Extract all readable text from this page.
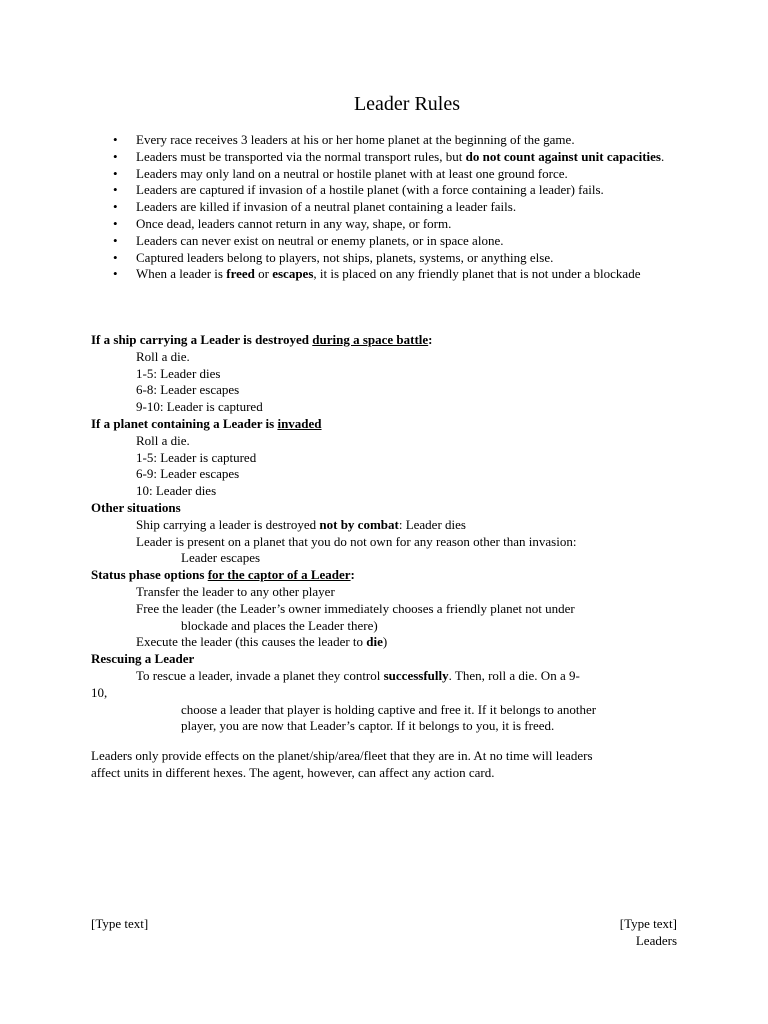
Leader Rules
• Every race receives 3 leaders at his or her home planet at the beginning of the game.
• Leaders must be transported via the normal transport rules, but do not count against unit capacities.
• Leaders may only land on a neutral or hostile planet with at least one ground force.
• Leaders are captured if invasion of a hostile planet (with a force containing a leader) fails.
• Leaders are killed if invasion of a neutral planet containing a leader fails.
• Once dead, leaders cannot return in any way, shape, or form.
• Leaders can never exist on neutral or enemy planets, or in space alone.
• Captured leaders belong to players, not ships, planets, systems, or anything else.
• When a leader is freed or escapes, it is placed on any friendly planet that is not under a blockade
If a ship carrying a Leader is destroyed during a space battle:
Roll a die.
1-5: Leader dies
6-8: Leader escapes
9-10: Leader is captured
If a planet containing a Leader is invaded
Roll a die.
1-5: Leader is captured
6-9: Leader escapes
10: Leader dies
Other situations
Ship carrying a leader is destroyed not by combat: Leader dies
Leader is present on a planet that you do not own for any reason other than invasion:
Leader escapes
Status phase options for the captor of a Leader:
Transfer the leader to any other player
Free the leader (the Leader’s owner immediately chooses a friendly planet not under
blockade and places the Leader there)
Execute the leader (this causes the leader to die)
Rescuing a Leader
To rescue a leader, invade a planet they control successfully. Then, roll a die. On a 9-
10,
choose a leader that player is holding captive and free it. If it belongs to another
player, you are now that Leader’s captor. If it belongs to you, it is freed.
Leaders only provide effects on the planet/ship/area/fleet that they are in. At no time will leaders
affect units in different hexes. The agent, however, can affect any action card.
[Type text]	[Type text]
Leaders
